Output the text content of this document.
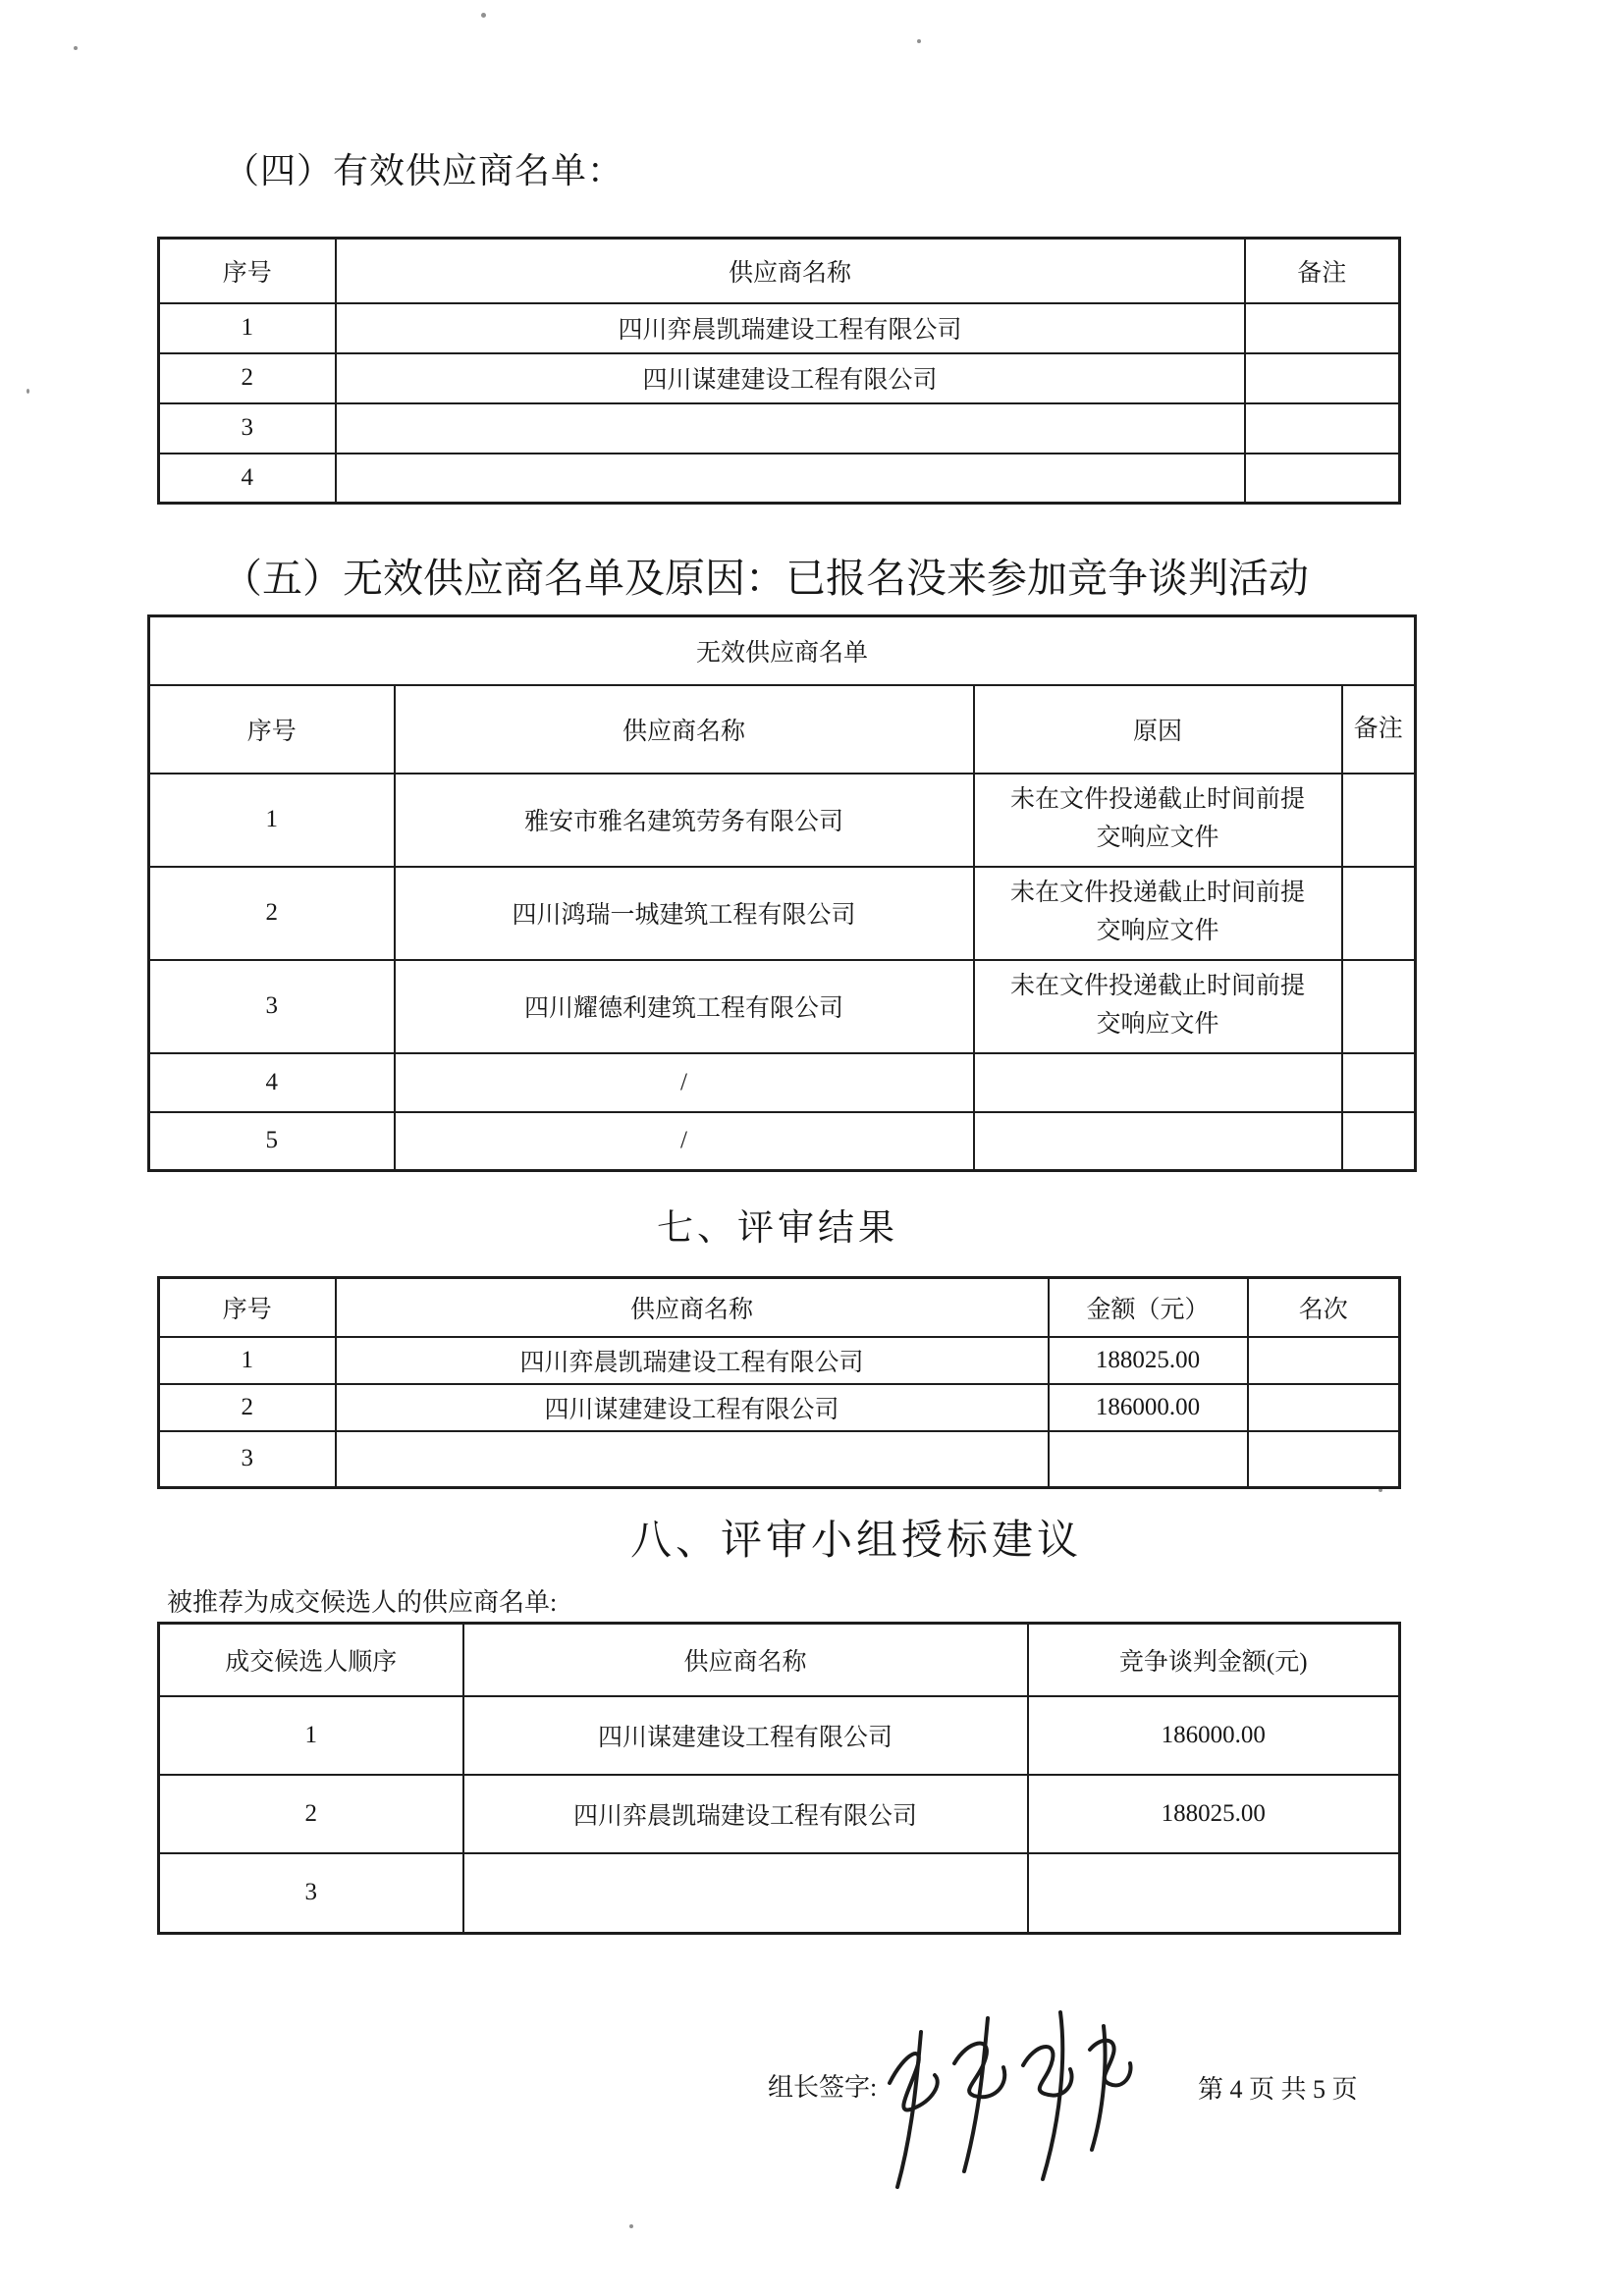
（四）有效供应商名单：
序号	供应商名称	备注
1	四川弈晨凯瑞建设工程有限公司	
2	四川谋建建设工程有限公司	
3		
4		
（五）无效供应商名单及原因：已报名没来参加竞争谈判活动
无效供应商名单			
序号	供应商名称	原因	备注
1	雅安市雅名建筑劳务有限公司	未在文件投递截止时间前提交响应文件	
2	四川鸿瑞一城建筑工程有限公司	未在文件投递截止时间前提交响应文件	
3	四川耀德利建筑工程有限公司	未在文件投递截止时间前提交响应文件	
4	/		
5	/		
七、评审结果
序号	供应商名称	金额（元）	名次
1	四川弈晨凯瑞建设工程有限公司	188025.00	
2	四川谋建建设工程有限公司	186000.00	
3			
八、评审小组授标建议
被推荐为成交候选人的供应商名单:
成交候选人顺序	供应商名称	竞争谈判金额(元)
1	四川谋建建设工程有限公司	186000.00
2	四川弈晨凯瑞建设工程有限公司	188025.00
3		
组长签字:	第 4 页 共 5 页
